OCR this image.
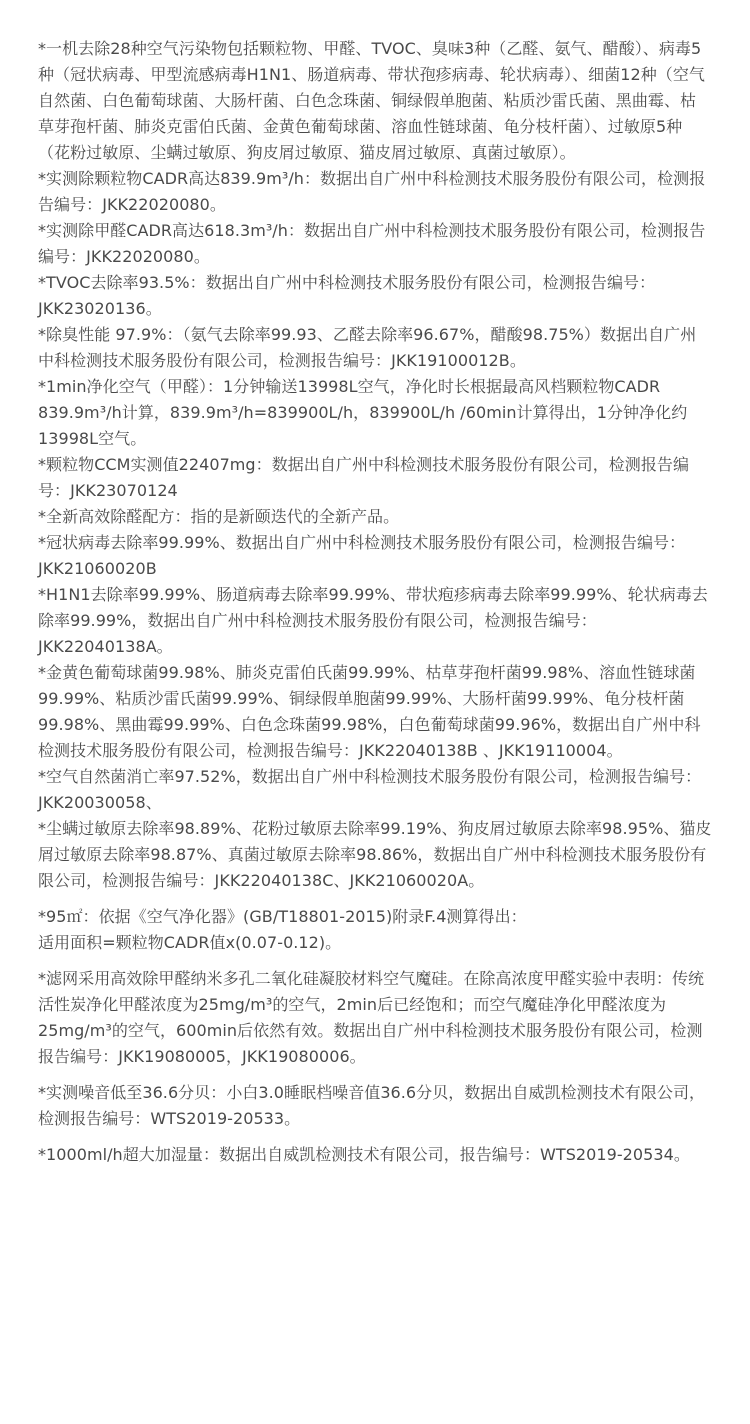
*一机去除28种空气污染物包括颗粒物、甲醛、TVOC、臭味3种（乙醛、氨气、醋酸）、病毒5种（冠状病毒、甲型流感病毒H1N1、肠道病毒、带状孢疹病毒、轮状病毒）、细菌12种（空气自然菌、白色葡萄球菌、大肠杆菌、白色念珠菌、铜绿假单胞菌、粘质沙雷氏菌、黑曲霉、枯草芽孢杆菌、肺炎克雷伯氏菌、金黄色葡萄球菌、溶血性链球菌、龟分枝杆菌）、过敏原5种（花粉过敏原、尘螨过敏原、狗皮屑过敏原、猫皮屑过敏原、真菌过敏原）。

*实测除颗粒物CADR高达839.9m³/h：数据出自广州中科检测技术服务股份有限公司，检测报告编号：JKK22020080。

*实测除甲醛CADR高达618.3m³/h：数据出自广州中科检测技术服务股份有限公司，检测报告编号：JKK22020080。

*TVOC去除率93.5%：数据出自广州中科检测技术服务股份有限公司，检测报告编号：JKK23020136。

*除臭性能 97.9%：（氨气去除率99.93、乙醛去除率96.67%，醋酸98.75%）数据出自广州中科检测技术服务股份有限公司，检测报告编号：JKK19100012B。

*1min净化空气（甲醛）：1分钟输送13998L空气，净化时长根据最高风档颗粒物CADR 839.9m³/h计算，839.9m³/h=839900L/h，839900L/h /60min计算得出，1分钟净化约13998L空气。

*颗粒物CCM实测值22407mg：数据出自广州中科检测技术服务股份有限公司，检测报告编号：JKK23070124

*全新高效除醛配方：指的是新颐迭代的全新产品。

*冠状病毒去除率99.99%、数据出自广州中科检测技术服务股份有限公司，检测报告编号：JKK21060020B

*H1N1去除率99.99%、肠道病毒去除率99.99%、带状疱疹病毒去除率99.99%、轮状病毒去除率99.99%，数据出自广州中科检测技术服务股份有限公司，检测报告编号：JKK22040138A。

*金黄色葡萄球菌99.98%、肺炎克雷伯氏菌99.99%、枯草芽孢杆菌99.98%、溶血性链球菌99.99%、粘质沙雷氏菌99.99%、铜绿假单胞菌99.99%、大肠杆菌99.99%、龟分枝杆菌99.98%、黑曲霉99.99%、白色念珠菌99.98%，白色葡萄球菌99.96%，数据出自广州中科检测技术服务股份有限公司，检测报告编号：JKK22040138B 、JKK19110004。

*空气自然菌消亡率97.52%，数据出自广州中科检测技术服务股份有限公司，检测报告编号：JKK20030058、

*尘螨过敏原去除率98.89%、花粉过敏原去除率99.19%、狗皮屑过敏原去除率98.95%、猫皮屑过敏原去除率98.87%、真菌过敏原去除率98.86%，数据出自广州中科检测技术服务股份有限公司，检测报告编号：JKK22040138C、JKK21060020A。

*95㎡：依据《空气净化器》(GB/T18801-2015)附录F.4测算得出：

适用面积=颗粒物CADR值x(0.07-0.12)。

*滤网采用高效除甲醛纳米多孔二氧化硅凝胶材料空气魔硅。在除高浓度甲醛实验中表明：传统活性炭净化甲醛浓度为25mg/m³的空气，2min后已经饱和；而空气魔硅净化甲醛浓度为25mg/m³的空气，600min后依然有效。数据出自广州中科检测技术服务股份有限公司，检测报告编号：JKK19080005，JKK19080006。

*实测噪音低至36.6分贝：小白3.0睡眠档噪音值36.6分贝，数据出自威凯检测技术有限公司，检测报告编号：WTS2019-20533。

*1000ml/h超大加湿量：数据出自威凯检测技术有限公司，报告编号：WTS2019-20534。
